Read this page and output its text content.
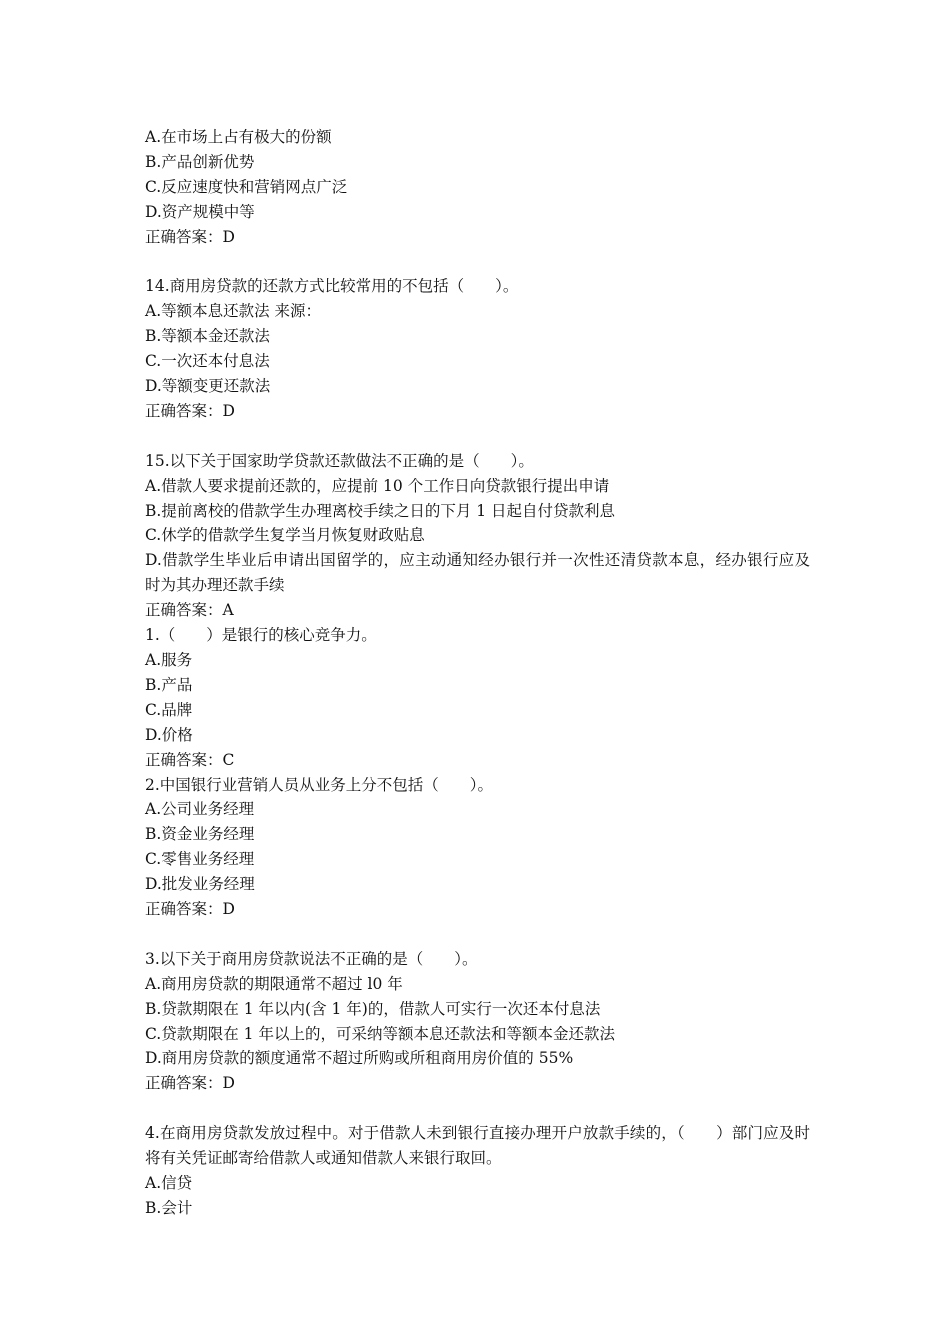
A.在市场上占有极大的份额
B.产品创新优势
C.反应速度快和营销网点广泛
D.资产规模中等
正确答案：D
14.商用房贷款的还款方式比较常用的不包括（　　）。
A.等额本息还款法 来源：
B.等额本金还款法
C.一次还本付息法
D.等额变更还款法
正确答案：D
15.以下关于国家助学贷款还款做法不正确的是（　　）。
A.借款人要求提前还款的，应提前 10 个工作日向贷款银行提出申请
B.提前离校的借款学生办理离校手续之日的下月 1 日起自付贷款利息
C.休学的借款学生复学当月恢复财政贴息
D.借款学生毕业后申请出国留学的，应主动通知经办银行并一次性还清贷款本息，经办银行应及时为其办理还款手续
正确答案：A
1.（　　）是银行的核心竞争力。
A.服务
B.产品
C.品牌
D.价格
正确答案：C
2.中国银行业营销人员从业务上分不包括（　　）。
A.公司业务经理
B.资金业务经理
C.零售业务经理
D.批发业务经理
正确答案：D
3.以下关于商用房贷款说法不正确的是（　　）。
A.商用房贷款的期限通常不超过 l0 年
B.贷款期限在 1 年以内(含 1 年)的，借款人可实行一次还本付息法
C.贷款期限在 1 年以上的，可采纳等额本息还款法和等额本金还款法
D.商用房贷款的额度通常不超过所购或所租商用房价值的 55%
正确答案：D
4.在商用房贷款发放过程中。对于借款人未到银行直接办理开户放款手续的，（　　）部门应及时将有关凭证邮寄给借款人或通知借款人来银行取回。
A.信贷
B.会计
